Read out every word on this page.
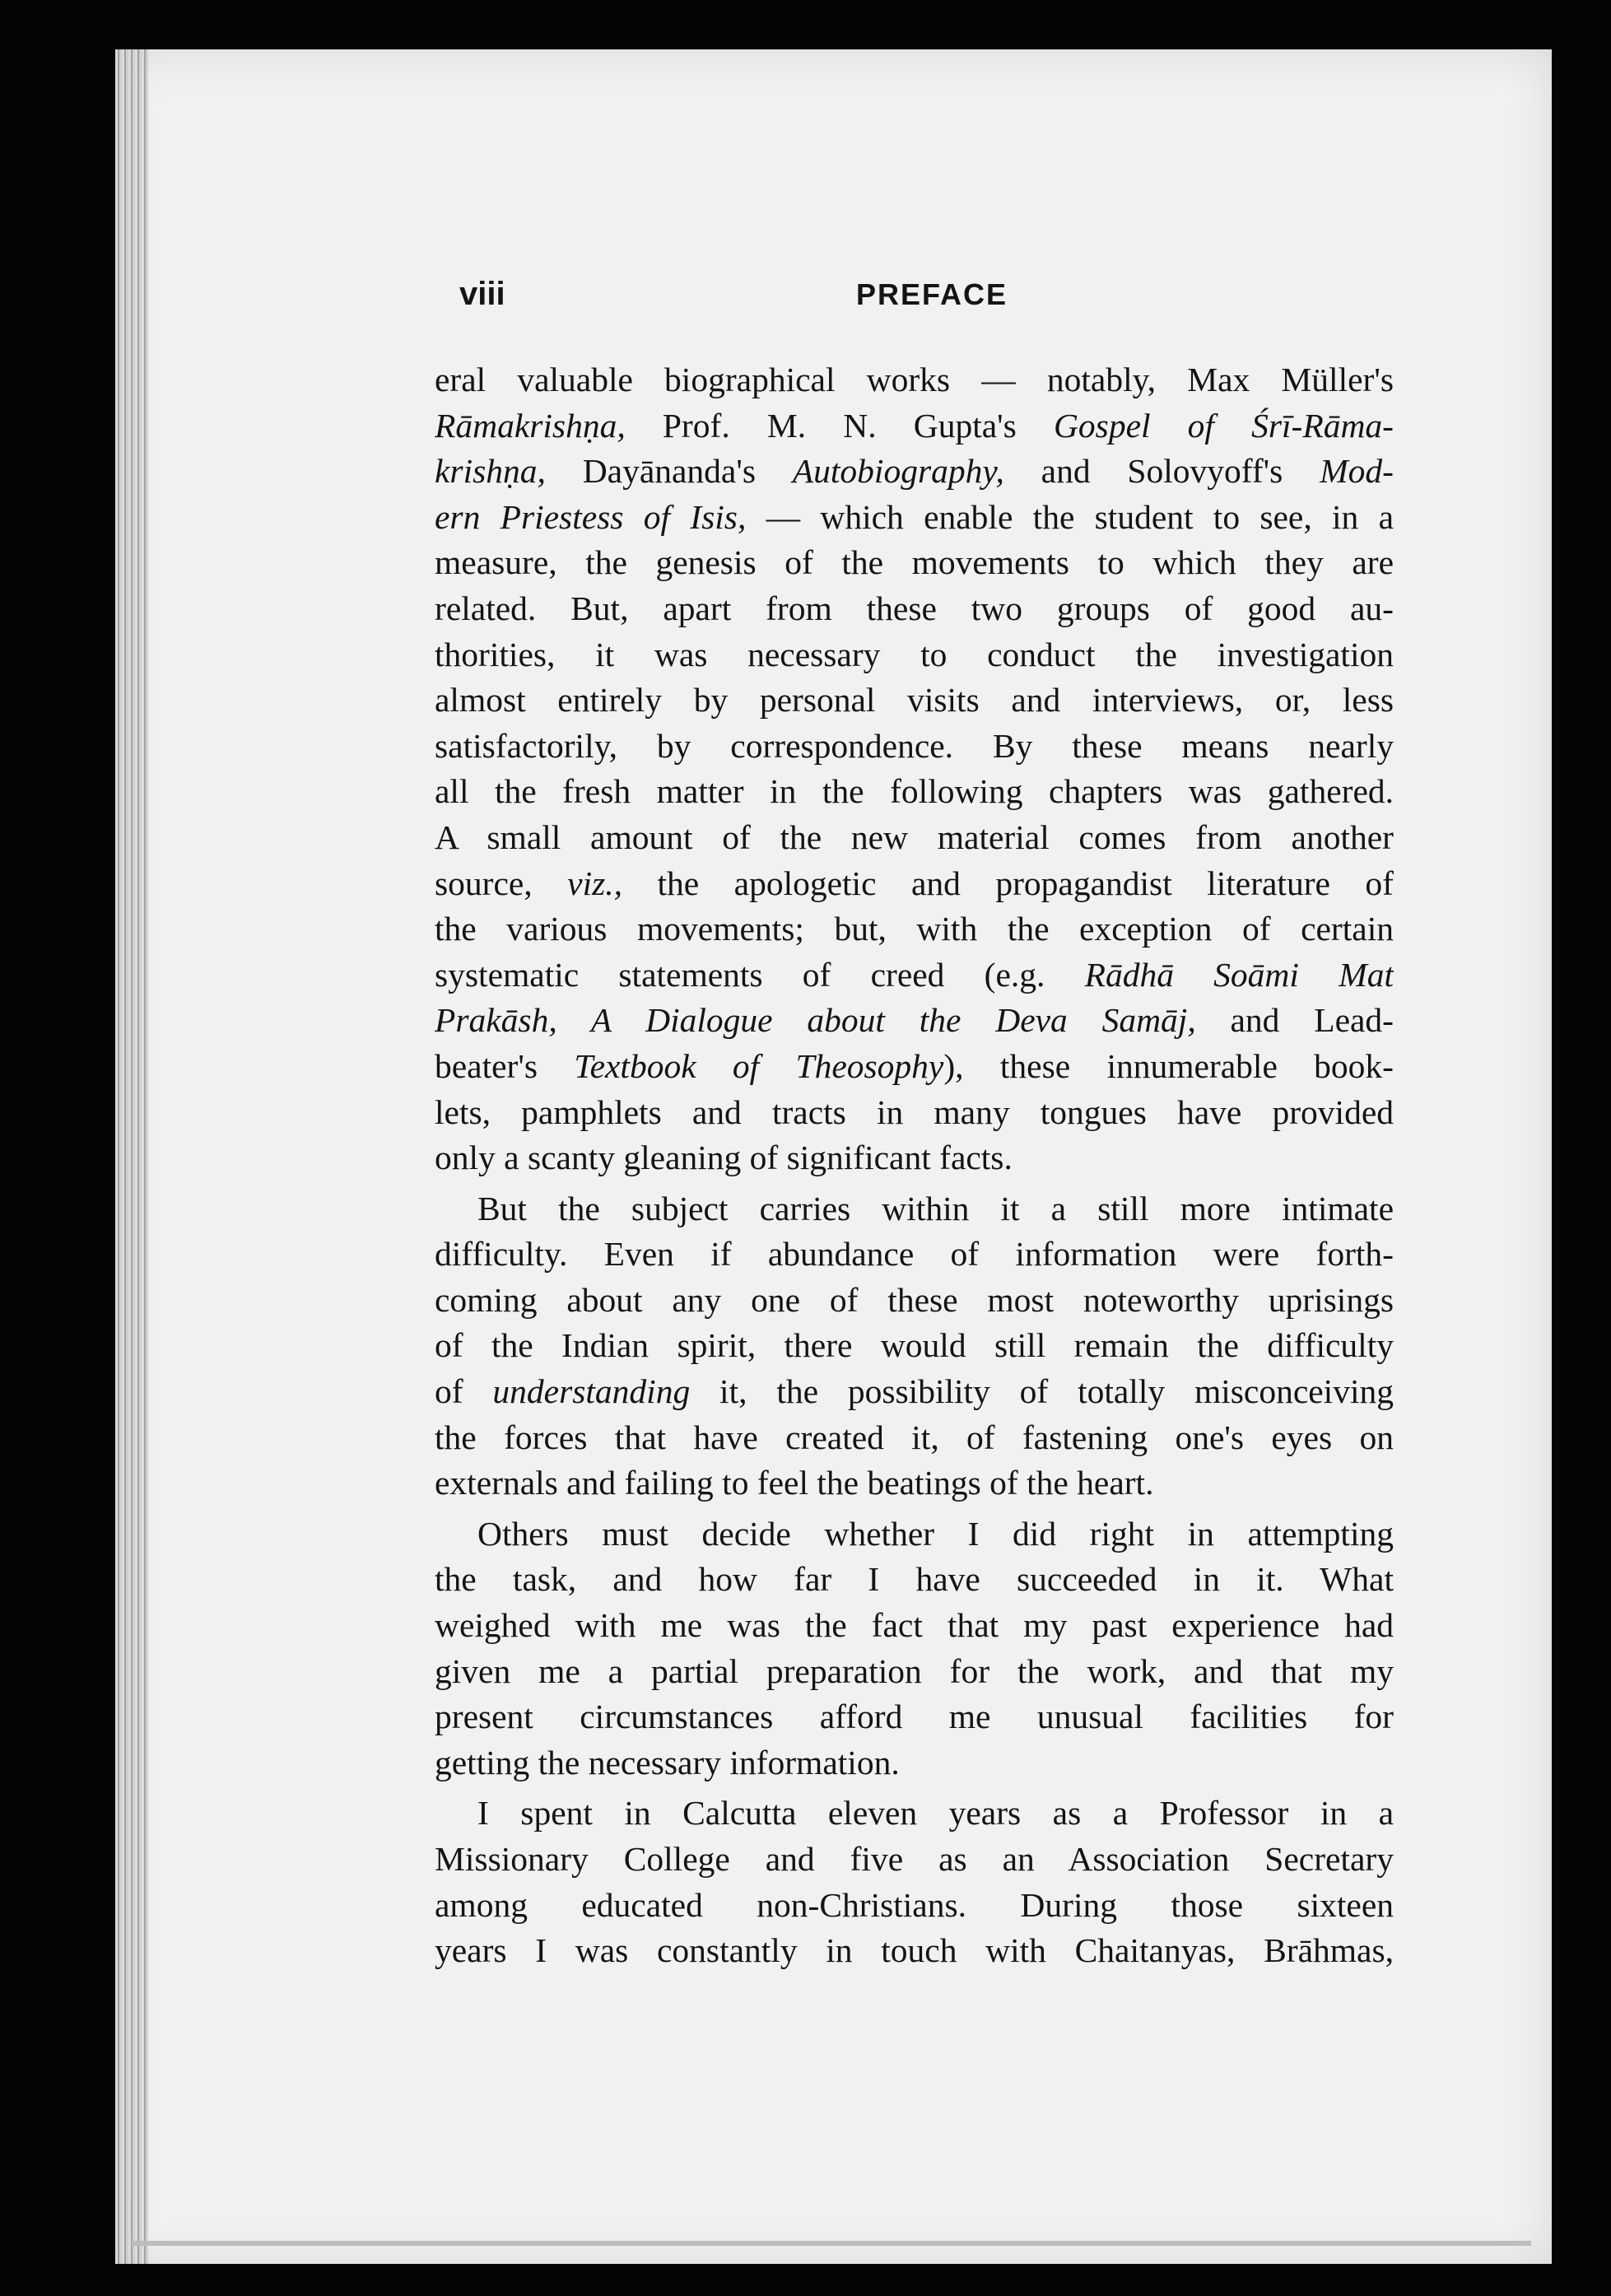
viii	PREFACE
eral valuable biographical works — notably, Max Müller's
Rāmakrishṇa, Prof. M. N. Gupta's Gospel of Śrī-Rāma-
krishṇa, Dayānanda's Autobiography, and Solovyoff's Mod-
ern Priestess of Isis, — which enable the student to see, in a
measure, the genesis of the movements to which they are
related. But, apart from these two groups of good au-
thorities, it was necessary to conduct the investigation
almost entirely by personal visits and interviews, or, less
satisfactorily, by correspondence. By these means nearly
all the fresh matter in the following chapters was gathered.
A small amount of the new material comes from another
source, viz., the apologetic and propagandist literature of
the various movements; but, with the exception of certain
systematic statements of creed (e.g. Rādhā Soāmi Mat
Prakāsh, A Dialogue about the Deva Samāj, and Lead-
beater's Textbook of Theosophy), these innumerable book-
lets, pamphlets and tracts in many tongues have provided
only a scanty gleaning of significant facts.
But the subject carries within it a still more intimate
difficulty. Even if abundance of information were forth-
coming about any one of these most noteworthy uprisings
of the Indian spirit, there would still remain the difficulty
of understanding it, the possibility of totally misconceiving
the forces that have created it, of fastening one's eyes on
externals and failing to feel the beatings of the heart.
Others must decide whether I did right in attempting
the task, and how far I have succeeded in it. What
weighed with me was the fact that my past experience had
given me a partial preparation for the work, and that my
present circumstances afford me unusual facilities for
getting the necessary information.
I spent in Calcutta eleven years as a Professor in a
Missionary College and five as an Association Secretary
among educated non-Christians. During those sixteen
years I was constantly in touch with Chaitanyas, Brāhmas,
